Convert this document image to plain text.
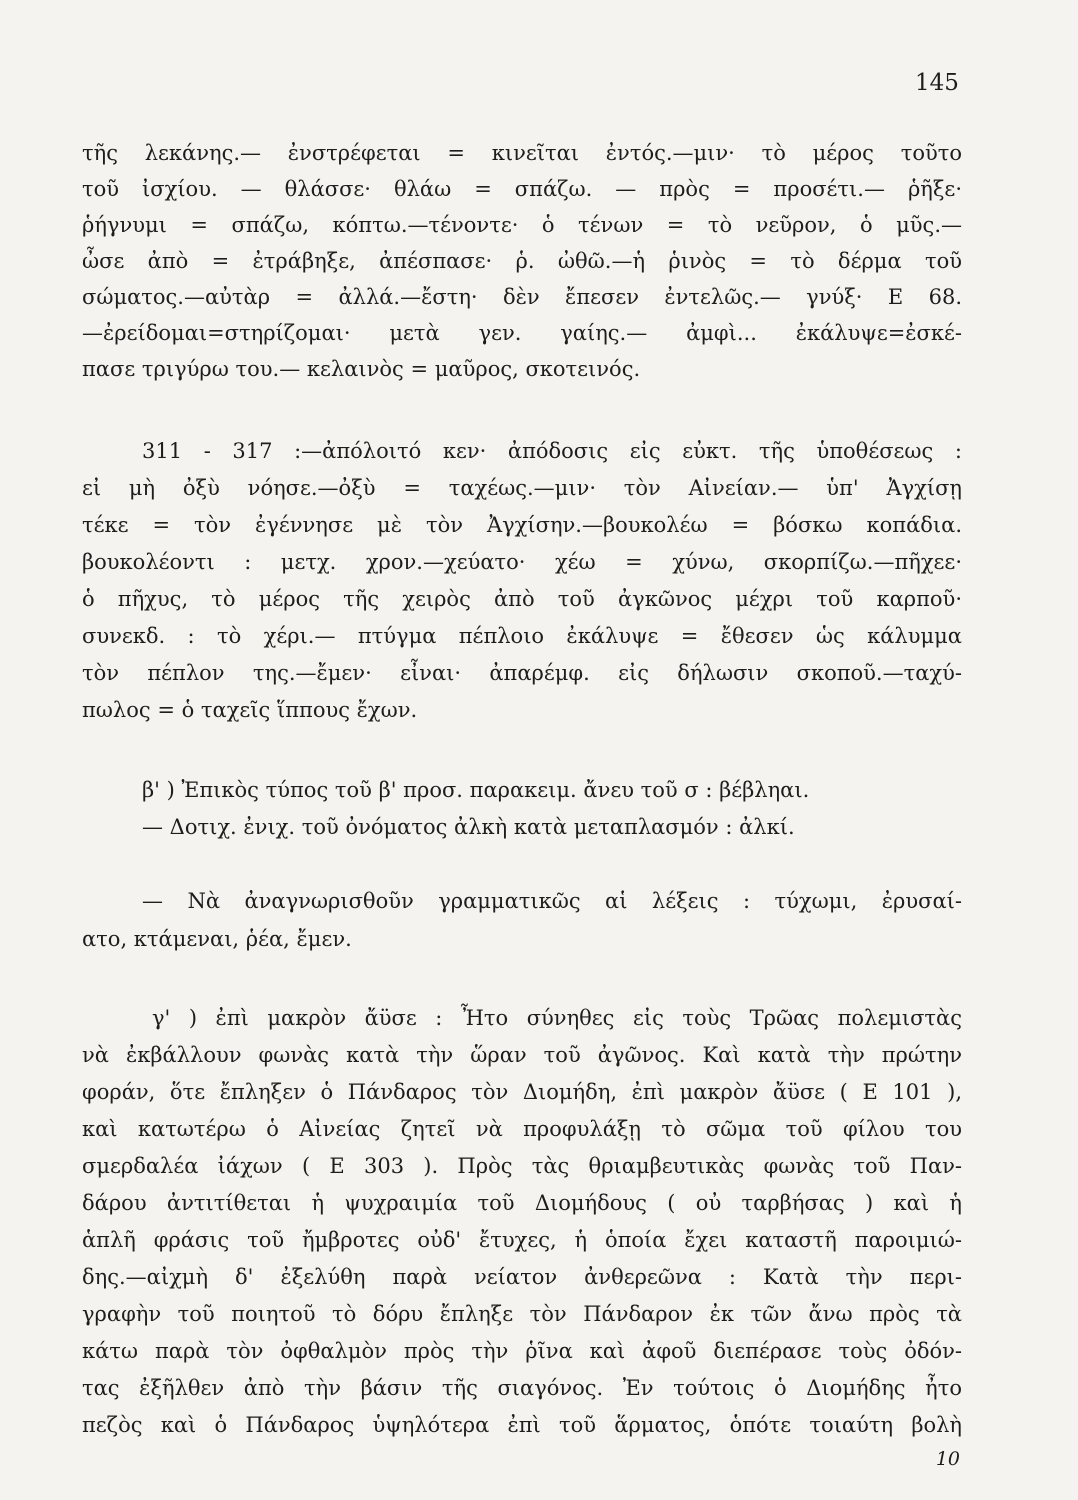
145
τῆς λεκάνης.— ἐνστρέφεται = κινεῖται ἐντός.—μιν· τὸ μέρος τοῦτο
τοῦ ἰσχίου. — θλάσσε· θλάω = σπάζω. — πρὸς = προσέτι.— ῥῆξε·
ῥήγνυμι = σπάζω, κόπτω.—τένοντε· ὁ τένων = τὸ νεῦρον, ὁ μῦς.—
ὦσε ἀπὸ = ἐτράβηξε, ἀπέσπασε· ῥ. ὠθῶ.—ἡ ῥινὸς = τὸ δέρμα τοῦ
σώματος.—αὐτὰρ = ἀλλά.—ἔστη· δὲν ἔπεσεν ἐντελῶς.— γνύξ· Ε 68.
—ἐρείδομαι=στηρίζομαι· μετὰ γεν. γαίης.— ἀμφὶ... ἐκάλυψε=ἐσκέ-
πασε τριγύρω του.— κελαινὸς = μαῦρος, σκοτεινός.
311 - 317 :—ἀπόλοιτό κεν· ἀπόδοσις εἰς εὐκτ. τῆς ὑποθέσεως :
εἰ μὴ ὀξὺ νόησε.—ὀξὺ = ταχέως.—μιν· τὸν Αἰνείαν.— ὑπ' Ἀγχίσῃ
τέκε = τὸν ἐγέννησε μὲ τὸν Ἀγχίσην.—βουκολέω = βόσκω κοπάδια.
βουκολέοντι : μετχ. χρον.—χεύατο· χέω = χύνω, σκορπίζω.—πῆχεε·
ὁ πῆχυς, τὸ μέρος τῆς χειρὸς ἀπὸ τοῦ ἀγκῶνος μέχρι τοῦ καρποῦ·
συνεκδ. : τὸ χέρι.— πτύγμα πέπλοιο ἐκάλυψε = ἔθεσεν ὡς κάλυμμα
τὸν πέπλον της.—ἔμεν· εἶναι· ἀπαρέμφ. εἰς δήλωσιν σκοποῦ.—ταχύ-
πωλος = ὁ ταχεῖς ἵππους ἔχων.
β' ) Ἐπικὸς τύπος τοῦ β' προσ. παρακειμ. ἄνευ τοῦ σ : βέβληαι.
— Δοτιχ. ἐνιχ. τοῦ ὀνόματος ἀλκὴ κατὰ μεταπλασμόν : ἀλκί.
— Νὰ ἀναγνωρισθοῦν γραμματικῶς αἱ λέξεις : τύχωμι, ἐρυσαί-
ατο, κτάμεναι, ῥέα, ἔμεν.
γ' ) ἐπὶ μακρὸν ἄϋσε : Ἦτο σύνηθες εἰς τοὺς Τρῶας πολεμιστὰς
νὰ ἐκβάλλουν φωνὰς κατὰ τὴν ὥραν τοῦ ἀγῶνος. Καὶ κατὰ τὴν πρώτην
φοράν, ὅτε ἔπληξεν ὁ Πάνδαρος τὸν Διομήδη, ἐπὶ μακρὸν ἄϋσε ( Ε 101 ),
καὶ κατωτέρω ὁ Αἰνείας ζητεῖ νὰ προφυλάξῃ τὸ σῶμα τοῦ φίλου του
σμερδαλέα ἰάχων ( Ε 303 ). Πρὸς τὰς θριαμβευτικὰς φωνὰς τοῦ Παν-
δάρου ἀντιτίθεται ἡ ψυχραιμία τοῦ Διομήδους ( οὐ ταρβήσας ) καὶ ἡ
ἁπλῆ φράσις τοῦ ἤμβροτες οὐδ' ἔτυχες, ἡ ὁποία ἔχει καταστῆ παροιμιώ-
δης.—αἰχμὴ δ' ἐξελύθη παρὰ νείατον ἀνθερεῶνα : Κατὰ τὴν περι-
γραφὴν τοῦ ποιητοῦ τὸ δόρυ ἔπληξε τὸν Πάνδαρον ἐκ τῶν ἄνω πρὸς τὰ
κάτω παρὰ τὸν ὀφθαλμὸν πρὸς τὴν ῥῖνα καὶ ἀφοῦ διεπέρασε τοὺς ὀδόν-
τας ἐξῆλθεν ἀπὸ τὴν βάσιν τῆς σιαγόνος. Ἐν τούτοις ὁ Διομήδης ἦτο
πεζὸς καὶ ὁ Πάνδαρος ὑψηλότερα ἐπὶ τοῦ ἅρματος, ὁπότε τοιαύτη βολὴ
10
